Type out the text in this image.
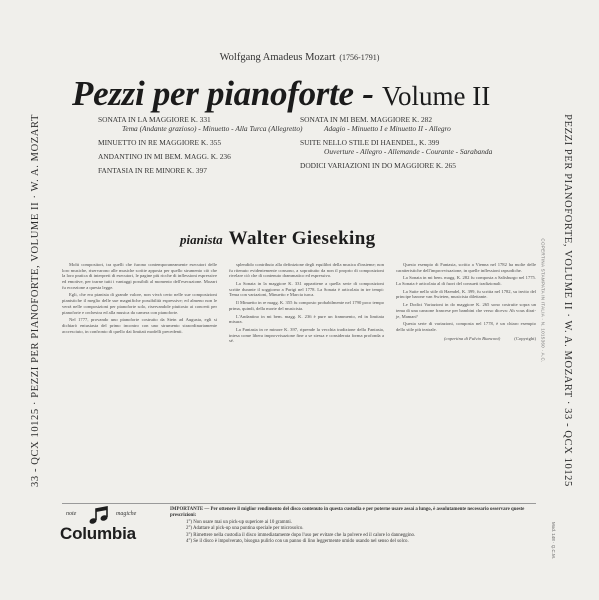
33 - QCX 10125 · PEZZI PER PIANOFORTE, VOLUME II · W. A. MOZART	PEZZI PER PIANOFORTE, VOLUME II · W. A. MOZART · 33 - QCX 10125
COPERTINA STAMPATA IN ITALIA · N. 1015360 · A.C.
Wolfgang Amadeus Mozart (1756-1791)
Pezzi per pianoforte - Volume II
SONATA IN LA MAGGIORE K. 331
Tema (Andante grazioso) - Minuetto - Alla Turca (Allegretto)
MINUETTO IN RE MAGGIORE K. 355
ANDANTINO IN MI BEM. MAGG. K. 236
FANTASIA IN RE MINORE K. 397
SONATA IN MI BEM. MAGGIORE K. 282
Adagio - Minuetto I e Minuetto II - Allegro
SUITE NELLO STILE DI HAENDEL, K. 399
Ouverture - Allegro - Allemande - Courante - Sarabanda
DODICI VARIAZIONI IN DO MAGGIORE K. 265
pianista Walter Gieseking

Molti compositori, tra quelli che furono contemporaneamente esecutori delle loro musiche, riservarono alle musiche scritte apposta per quello strumento ciò che la loro pratica di interpreti di esecutori, le pagine più ricche di inflessioni espressive ed emotive, per trarne tutti i vantaggi possibili al momento dell'esecuzione. Mozart fu eccezione a questa legge.

Egli, che era pianista di grande valore, non vivrà certo nelle sue composizioni pianistiche il meglio delle sue magnifiche possibilità espressive; ed almeno non le verrà nelle composizioni per pianoforte solo, riservandole piuttosto ai concerti per pianoforte e orchestra ed alla musica da camera con pianoforte.

Nel 1777, provando uno pianoforte costruito da Stein ad Augusta, egli si dichiarò entusiasta del primo incontro con uno strumento straordinariamente accresciuto, in confronto di quello dai limitati modelli precedenti.

splendido contributo alla definizione degli equilibri della musica d'insieme; non fu ritenuto evidentemente consono, a soprattutto da non il proprio di composizioni rivelare ciò che di contenuto drammatico ed espressivo.

La Sonata in la maggiore K. 331 appartiene a quella serie di composizioni scritte durante il soggiorno a Parigi nel 1778. La Sonata è articolata in tre tempi: Tema con variazioni, Minuetto e Marcia turca.

Il Minuetto in re magg. K. 355 fu composto probabilmente nel 1790 poco tempo prima, quindi, della morte del musicista.

L'Andantino in mi bem. magg. K. 236 è pure un frammento, ed in limitata misura.

La Fantasia in re minore K. 397, riprende la vecchia tradizione della Fantasia, intesa come libera improvvisazione fine a se stessa e considerata forma profonda a sé.

Questo esempio di Fantasia, scritto a Vienna nel 1782 ha molte delle caratteristiche dell'improvvisazione, in quelle inflessioni rapsodiche.

La Sonata in mi bem. magg. K. 282 fu composta a Salisburgo nel 1775. La Sonata è articolata al di fuori del consueti tradizionali.

La Suite nello stile di Haendel, K. 399, fu scritta nel 1782, su invito del principe barone van Swieten, musicista dilettante.

Le Dodici Variazioni in do maggiore K. 265 sono costruite sopra un tema di una canzone francese per bambini che verso diceva: Ah vous dirai-je, Maman?

Questa serie di variazioni, composta nel 1778, è un chiaro esempio dello stile più teatrale.

(copertina di Fulvio Bianconi)	(Copyright)
note	magiche
Columbia
IMPORTANTE — Per ottenere il miglior rendimento del disco contenuto in questa custodia e per poterne usare assai a lungo, è assolutamente necessario osservare queste prescrizioni:
1°) Non usare mai un pick-up superiore ai 10 grammi.
2°) Adattare al pick-up una puntina speciale per microsolco.
3°) Rimettere nella custodia il disco immediatamente dopo l'uso per evitare che la polvere ed il calore lo danneggino.
4°) Se il disco è impolverato, bisogna pulirlo con un panno di lino leggermente umido usando nel senso del solco.	Mod. 148 · Q.C.M.
